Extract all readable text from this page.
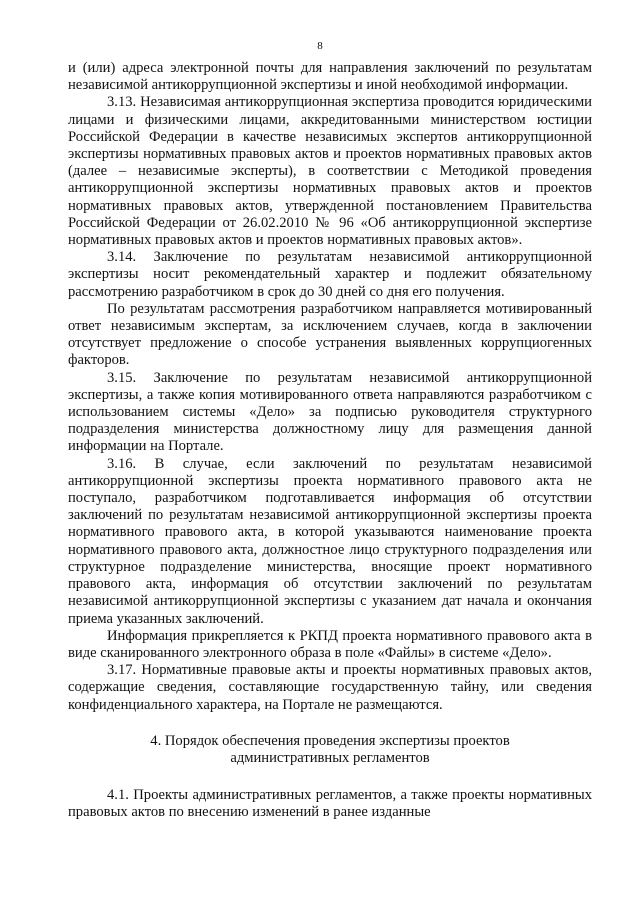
8

и (или) адреса электронной почты для направления заключений по результатам независимой антикоррупционной экспертизы и иной необходимой информации.

3.13. Независимая антикоррупционная экспертиза проводится юридическими лицами и физическими лицами, аккредитованными министерством юстиции Российской Федерации в качестве независимых экспертов антикоррупционной экспертизы нормативных правовых актов и проектов нормативных правовых актов (далее – независимые эксперты), в соответствии с Методикой проведения антикоррупционной экспертизы нормативных правовых актов и проектов нормативных правовых актов, утвержденной постановлением Правительства Российской Федерации от 26.02.2010 № 96 «Об антикоррупционной экспертизе нормативных правовых актов и проектов нормативных правовых актов».

3.14. Заключение по результатам независимой антикоррупционной экспертизы носит рекомендательный характер и подлежит обязательному рассмотрению разработчиком в срок до 30 дней со дня его получения.

По результатам рассмотрения разработчиком направляется мотивированный ответ независимым экспертам, за исключением случаев, когда в заключении отсутствует предложение о способе устранения выявленных коррупциогенных факторов.

3.15. Заключение по результатам независимой антикоррупционной экспертизы, а также копия мотивированного ответа направляются разработчиком с использованием системы «Дело» за подписью руководителя структурного подразделения министерства должностному лицу для размещения данной информации на Портале.

3.16. В случае, если заключений по результатам независимой антикоррупционной экспертизы проекта нормативного правового акта не поступало, разработчиком подготавливается информация об отсутствии заключений по результатам независимой антикоррупционной экспертизы проекта нормативного правового акта, в которой указываются наименование проекта нормативного правового акта, должностное лицо структурного подразделения или структурное подразделение министерства, вносящие проект нормативного правового акта, информация об отсутствии заключений по результатам независимой антикоррупционной экспертизы с указанием дат начала и окончания приема указанных заключений.

Информация прикрепляется к РКПД проекта нормативного правового акта в виде сканированного электронного образа в поле «Файлы» в системе «Дело».

3.17. Нормативные правовые акты и проекты нормативных правовых актов, содержащие сведения, составляющие государственную тайну, или сведения конфиденциального характера, на Портале не размещаются.

4. Порядок обеспечения проведения экспертизы проектов
административных регламентов

4.1. Проекты административных регламентов, а также проекты нормативных правовых актов по внесению изменений в ранее изданные
